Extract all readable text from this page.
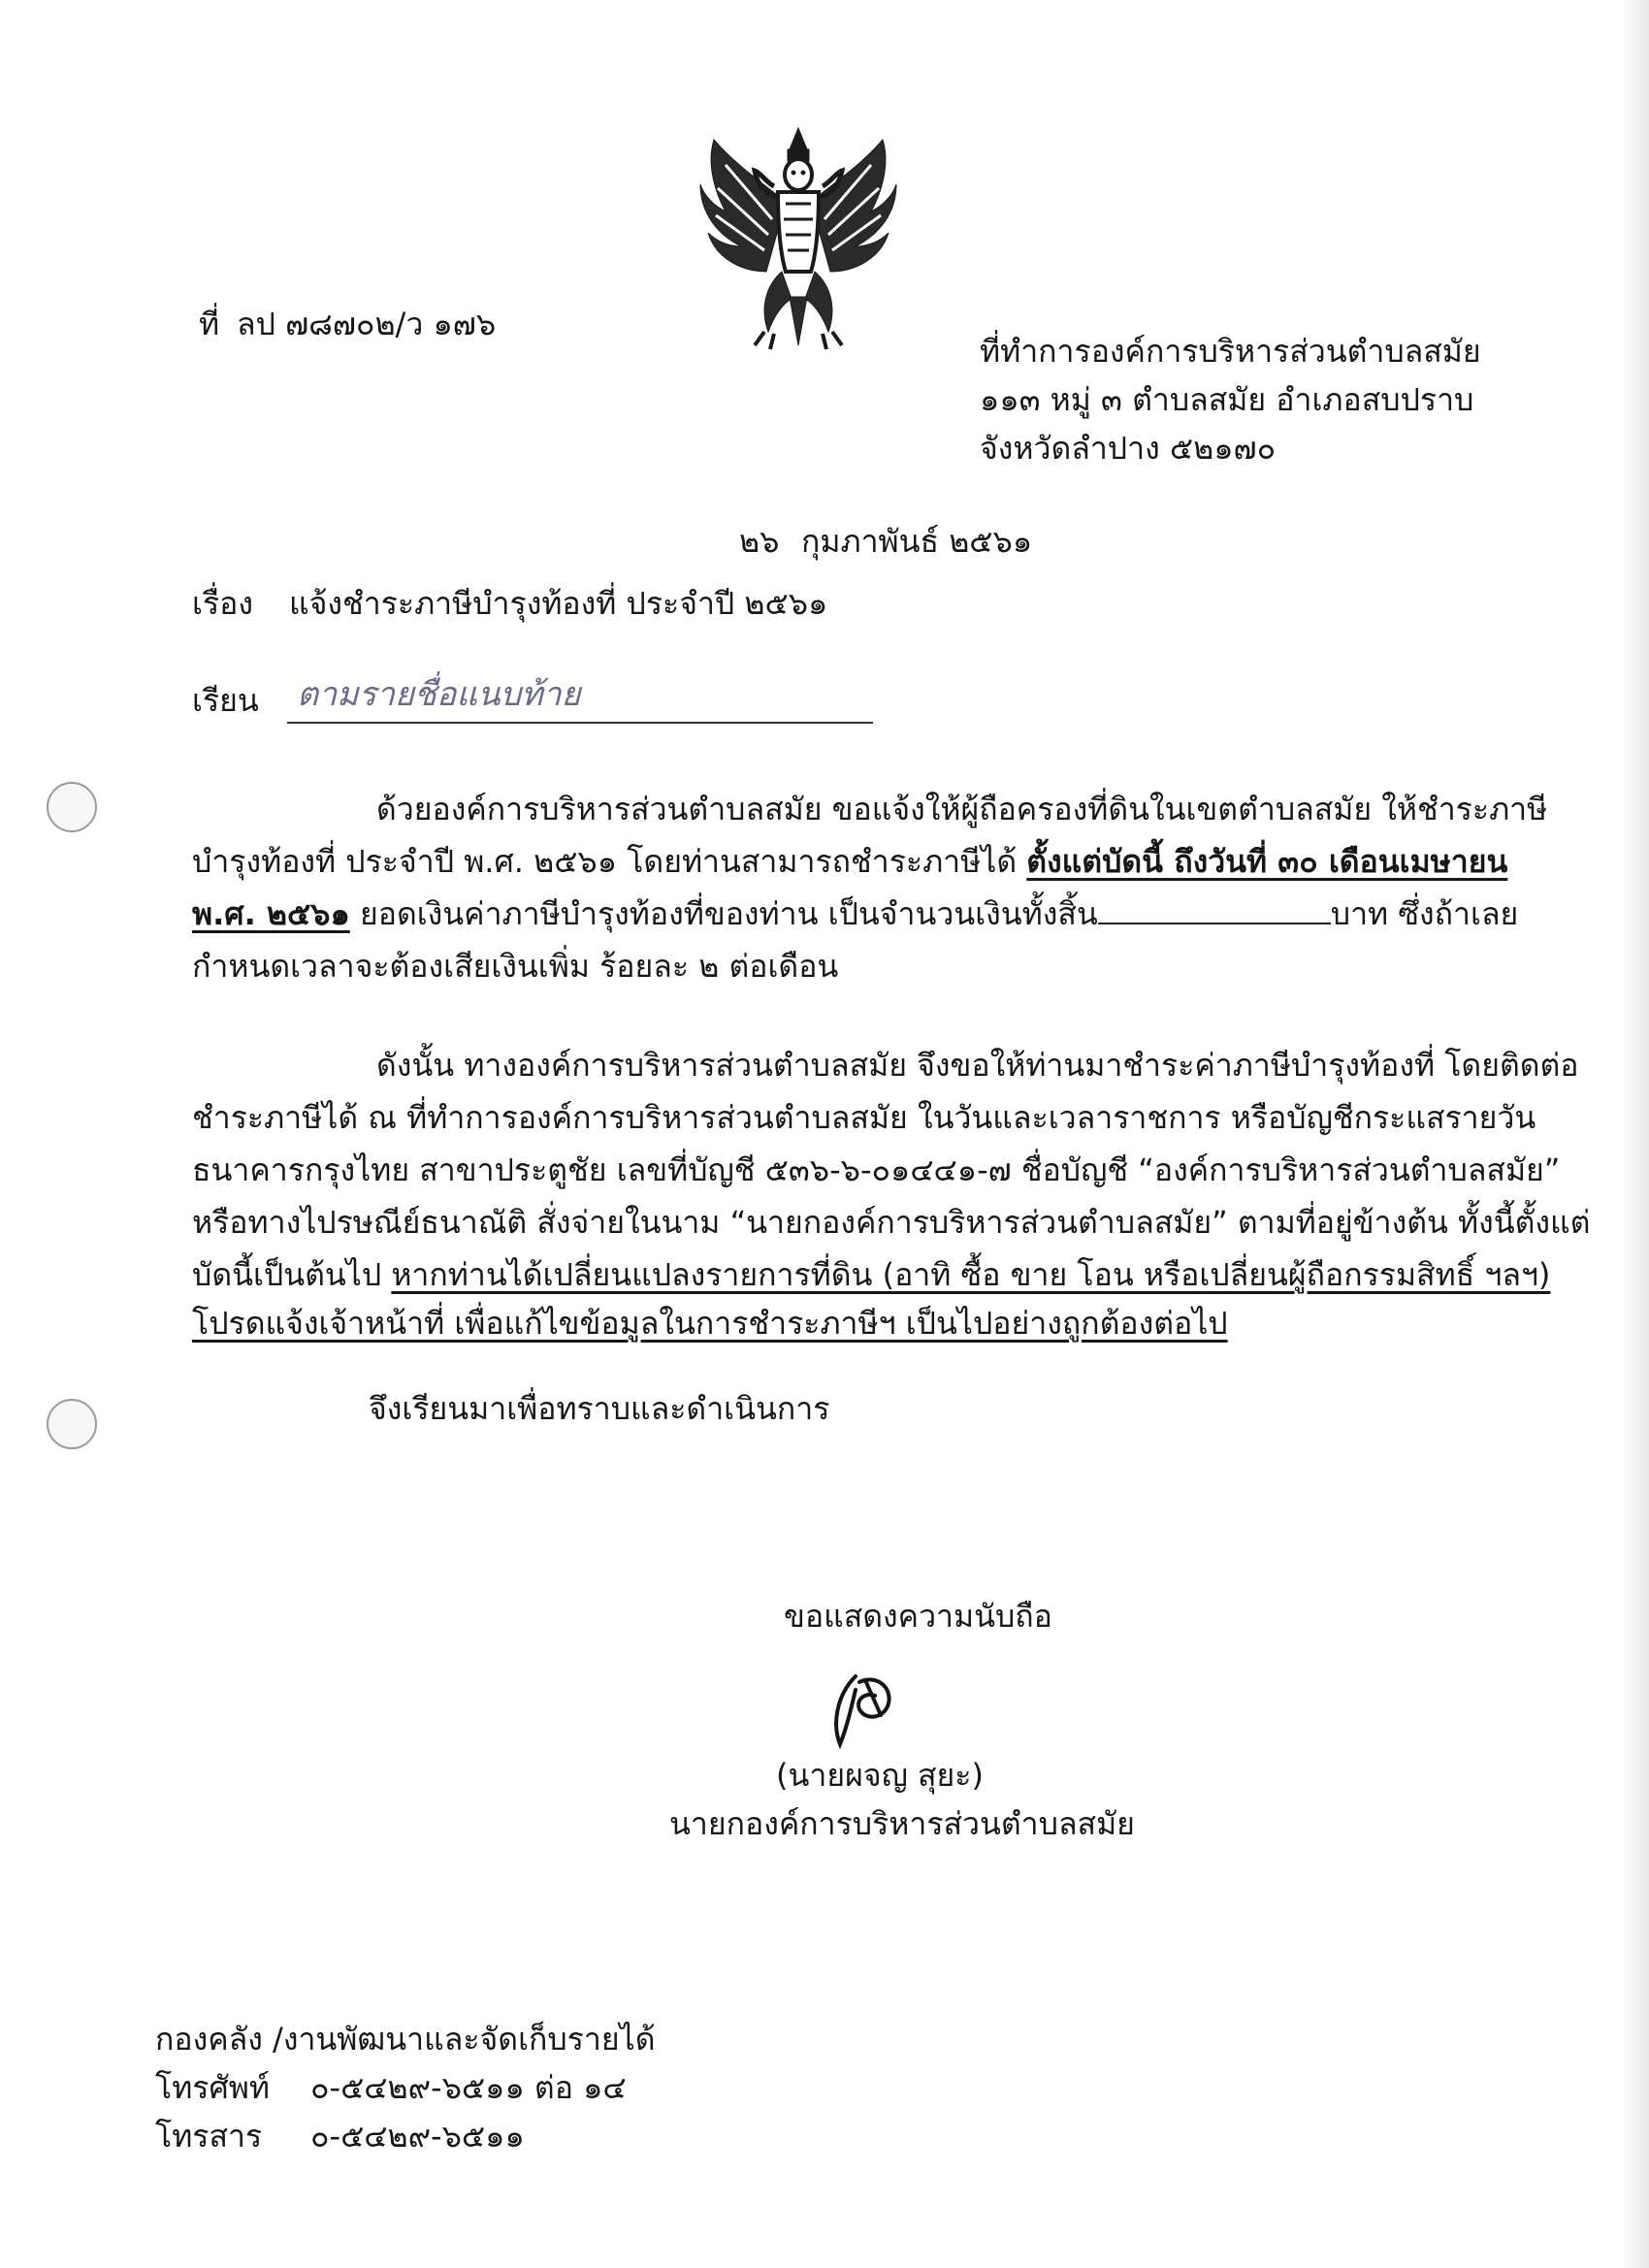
ที่ ลป ๗๘๗๐๒/ว ๑๗๖
ที่ทำการองค์การบริหารส่วนตำบลสมัย
๑๑๓ หมู่ ๓ ตำบลสมัย อำเภอสบปราบ
จังหวัดลำปาง ๕๒๑๗๐
๒๖ กุมภาพันธ์ ๒๕๖๑
เรื่อง แจ้งชำระภาษีบำรุงท้องที่ ประจำปี ๒๕๖๑
เรียน ตามรายชื่อแนบท้าย
ด้วยองค์การบริหารส่วนตำบลสมัย ขอแจ้งให้ผู้ถือครองที่ดินในเขตตำบลสมัย ให้ชำระภาษี
บำรุงท้องที่ ประจำปี พ.ศ. ๒๕๖๑ โดยท่านสามารถชำระภาษีได้ ตั้งแต่บัดนี้ ถึงวันที่ ๓๐ เดือนเมษายน
พ.ศ. ๒๕๖๑ ยอดเงินค่าภาษีบำรุงท้องที่ของท่าน เป็นจำนวนเงินทั้งสิ้น	บาท ซึ่งถ้าเลย
กำหนดเวลาจะต้องเสียเงินเพิ่ม ร้อยละ ๒ ต่อเดือน
ดังนั้น ทางองค์การบริหารส่วนตำบลสมัย จึงขอให้ท่านมาชำระค่าภาษีบำรุงท้องที่ โดยติดต่อ
ชำระภาษีได้ ณ ที่ทำการองค์การบริหารส่วนตำบลสมัย ในวันและเวลาราชการ หรือบัญชีกระแสรายวัน
ธนาคารกรุงไทย สาขาประตูชัย เลขที่บัญชี ๕๓๖-๖-๐๑๔๔๑-๗ ชื่อบัญชี “องค์การบริหารส่วนตำบลสมัย”
หรือทางไปรษณีย์ธนาณัติ สั่งจ่ายในนาม “นายกองค์การบริหารส่วนตำบลสมัย” ตามที่อยู่ข้างต้น ทั้งนี้ตั้งแต่
บัดนี้เป็นต้นไป หากท่านได้เปลี่ยนแปลงรายการที่ดิน (อาทิ ซื้อ ขาย โอน หรือเปลี่ยนผู้ถือกรรมสิทธิ์ ฯลฯ)
โปรดแจ้งเจ้าหน้าที่ เพื่อแก้ไขข้อมูลในการชำระภาษีฯ เป็นไปอย่างถูกต้องต่อไป
จึงเรียนมาเพื่อทราบและดำเนินการ
ขอแสดงความนับถือ
(นายผจญ สุยะ)
นายกองค์การบริหารส่วนตำบลสมัย
กองคลัง /งานพัฒนาและจัดเก็บรายได้
โทรศัพท์ ๐-๕๔๒๙-๖๕๑๑ ต่อ ๑๔
โทรสาร ๐-๕๔๒๙-๖๕๑๑
